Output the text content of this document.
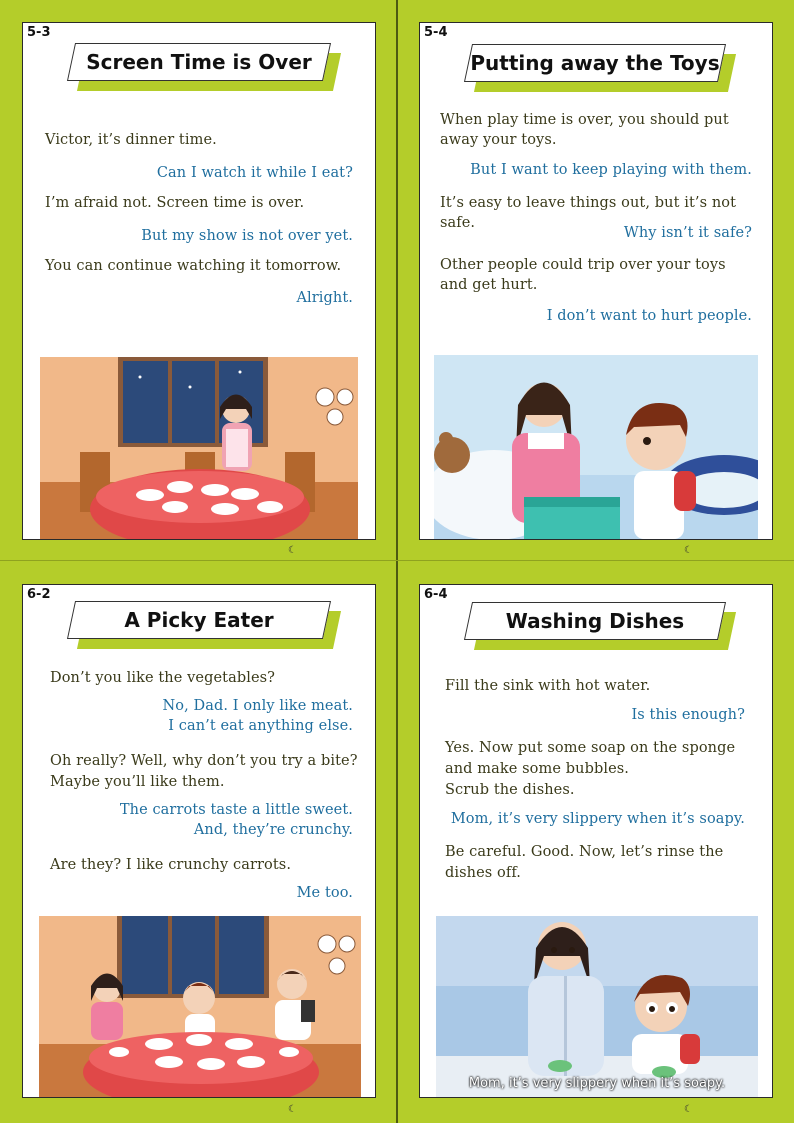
5-3
Screen Time is Over
Victor, it’s dinner time.
Can I watch it while I eat?
I’m afraid not. Screen time is over.
But my show is not over yet.
You can continue watching it tomorrow.
Alright.
☾
5-4
Putting away the Toys
When play time is over, you should put
away your toys.
But I want to keep playing with them.
It’s easy to leave things out, but it’s not
safe.
Why isn’t it safe?
Other people could trip over your toys
and get hurt.
I don’t want to hurt people.
☾
6-2
A Picky Eater
Don’t you like the vegetables?
No, Dad. I only like meat.
I can’t eat anything else.
Oh really? Well, why don’t you try a bite?
Maybe you’ll like them.
The carrots taste a little sweet.
And, they’re crunchy.
Are they? I like crunchy carrots.
Me too.
☾
6-4
Washing Dishes
Fill the sink with hot water.
Is this enough?
Yes. Now put some soap on the sponge
and make some bubbles.
Scrub the dishes.
Mom, it’s very slippery when it’s soapy.
Be careful. Good. Now, let’s rinse the
dishes off.
Mom, it’s very slippery when it’s soapy.
☾
